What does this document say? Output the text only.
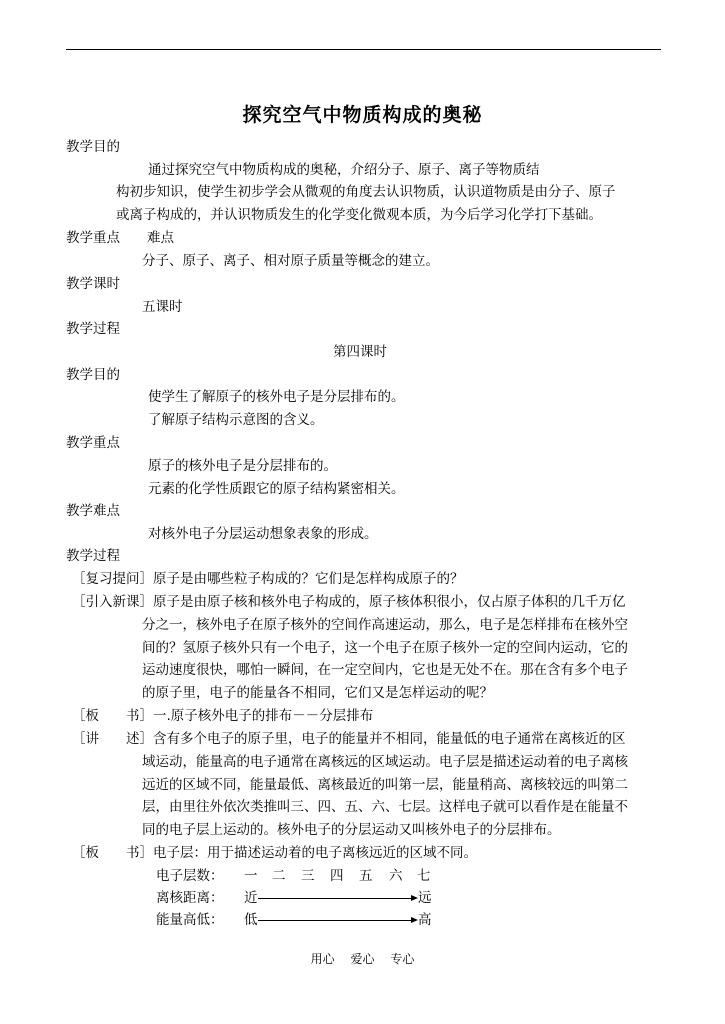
探究空气中物质构成的奥秘
教学目的
通过探究空气中物质构成的奥秘，介绍分子、原子、离子等物质结
构初步知识，使学生初步学会从微观的角度去认识物质，认识道物质是由分子、原子
或离子构成的，并认识物质发生的化学变化微观本质，为今后学习化学打下基础。
教学重点　　难点
分子、原子、离子、相对原子质量等概念的建立。
教学课时
五课时
教学过程
第四课时
教学目的
使学生了解原子的核外电子是分层排布的。
了解原子结构示意图的含义。
教学重点
原子的核外电子是分层排布的。
元素的化学性质跟它的原子结构紧密相关。
教学难点
对核外电子分层运动想象表象的形成。
教学过程
［复习提问］原子是由哪些粒子构成的？它们是怎样构成原子的？
［引入新课］原子是由原子核和核外电子构成的，原子核体积很小，仅占原子体积的几千万亿
分之一，核外电子在原子核外的空间作高速运动，那么，电子是怎样排布在核外空
间的？氢原子核外只有一个电子，这一个电子在原子核外一定的空间内运动，它的
运动速度很快，哪怕一瞬间，在一定空间内，它也是无处不在。那在含有多个电子
的原子里，电子的能量各不相同，它们又是怎样运动的呢？
［板　　书］一.原子核外电子的排布－－分层排布
［讲　　述］含有多个电子的原子里，电子的能量并不相同，能量低的电子通常在离核近的区
域运动，能量高的电子通常在离核远的区域运动。电子层是描述运动着的电子离核
远近的区域不同，能量最低、离核最近的叫第一层，能量稍高、离核较远的叫第二
层，由里往外依次类推叫三、四、五、六、七层。这样电子就可以看作是在能量不
同的电子层上运动的。核外电子的分层运动又叫核外电子的分层排布。
［板　　书］电子层：用于描述运动着的电子离核远近的区域不同。
电子层数： 一 二 三 四 五 六 七
离核距离： 近	远
能量高低： 低	高
用心 爱心 专心
